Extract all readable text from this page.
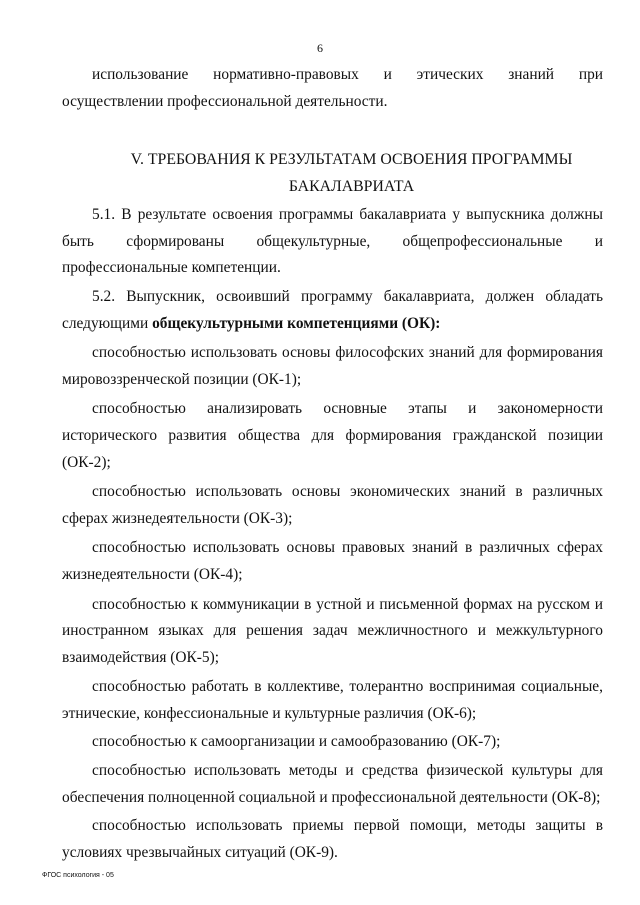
6

использование нормативно-правовых и этических знаний при осуществлении профессиональной деятельности.

V. ТРЕБОВАНИЯ К РЕЗУЛЬТАТАМ ОСВОЕНИЯ ПРОГРАММЫ
БАКАЛАВРИАТА

5.1. В результате освоения программы бакалавриата у выпускника должны быть сформированы общекультурные, общепрофессиональные и профессиональные компетенции.

5.2. Выпускник, освоивший программу бакалавриата, должен обладать следующими общекультурными компетенциями (ОК):

способностью использовать основы философских знаний для формирования мировоззренческой позиции (ОК-1);

способностью анализировать основные этапы и закономерности исторического развития общества для формирования гражданской позиции (ОК-2);

способностью использовать основы экономических знаний в различных сферах жизнедеятельности (ОК-3);

способностью использовать основы правовых знаний в различных сферах жизнедеятельности (ОК-4);

способностью к коммуникации в устной и письменной формах на русском и иностранном языках для решения задач межличностного и межкультурного взаимодействия (ОК-5);

способностью работать в коллективе, толерантно воспринимая социальные, этнические, конфессиональные и культурные различия (ОК-6);

способностью к самоорганизации и самообразованию (ОК-7);

способностью использовать методы и средства физической культуры для обеспечения полноценной социальной и профессиональной деятельности (ОК-8);

способностью использовать приемы первой помощи, методы защиты в условиях чрезвычайных ситуаций (ОК-9).

ФГОС психология - 05
